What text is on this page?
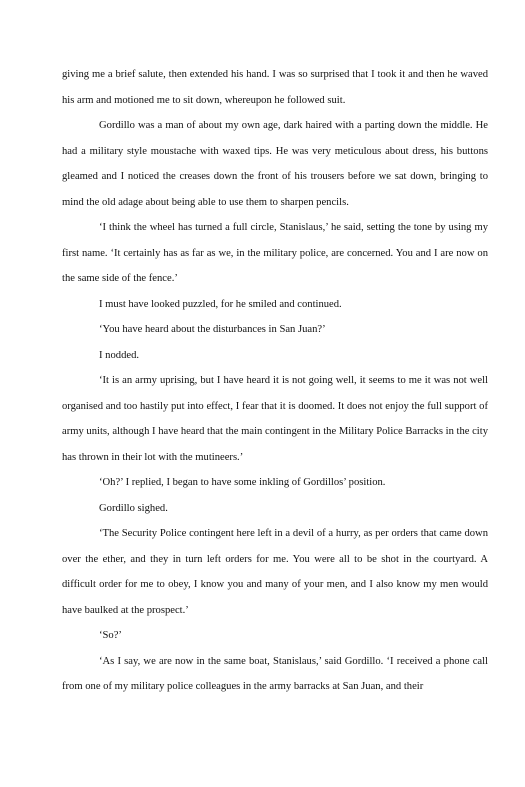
giving me a brief salute, then extended his hand. I was so surprised that I took it and then he waved his arm and motioned me to sit down, whereupon he followed suit.

Gordillo was a man of about my own age, dark haired with a parting down the middle. He had a military style moustache with waxed tips. He was very meticulous about dress, his buttons gleamed and I noticed the creases down the front of his trousers before we sat down, bringing to mind the old adage about being able to use them to sharpen pencils.

‘I think the wheel has turned a full circle, Stanislaus,’ he said, setting the tone by using my first name. ‘It certainly has as far as we, in the military police, are concerned. You and I are now on the same side of the fence.’

I must have looked puzzled, for he smiled and continued.

‘You have heard about the disturbances in San Juan?’

I nodded.

‘It is an army uprising, but I have heard it is not going well, it seems to me it was not well organised and too hastily put into effect, I fear that it is doomed. It does not enjoy the full support of army units, although I have heard that the main contingent in the Military Police Barracks in the city has thrown in their lot with the mutineers.’

‘Oh?’ I replied, I began to have some inkling of Gordillos’ position.

Gordillo sighed.

‘The Security Police contingent here left in a devil of a hurry, as per orders that came down over the ether, and they in turn left orders for me. You were all to be shot in the courtyard. A difficult order for me to obey, I know you and many of your men, and I also know my men would have baulked at the prospect.’

‘So?’

‘As I say, we are now in the same boat, Stanislaus,’ said Gordillo. ‘I received a phone call from one of my military police colleagues in the army barracks at San Juan, and their
